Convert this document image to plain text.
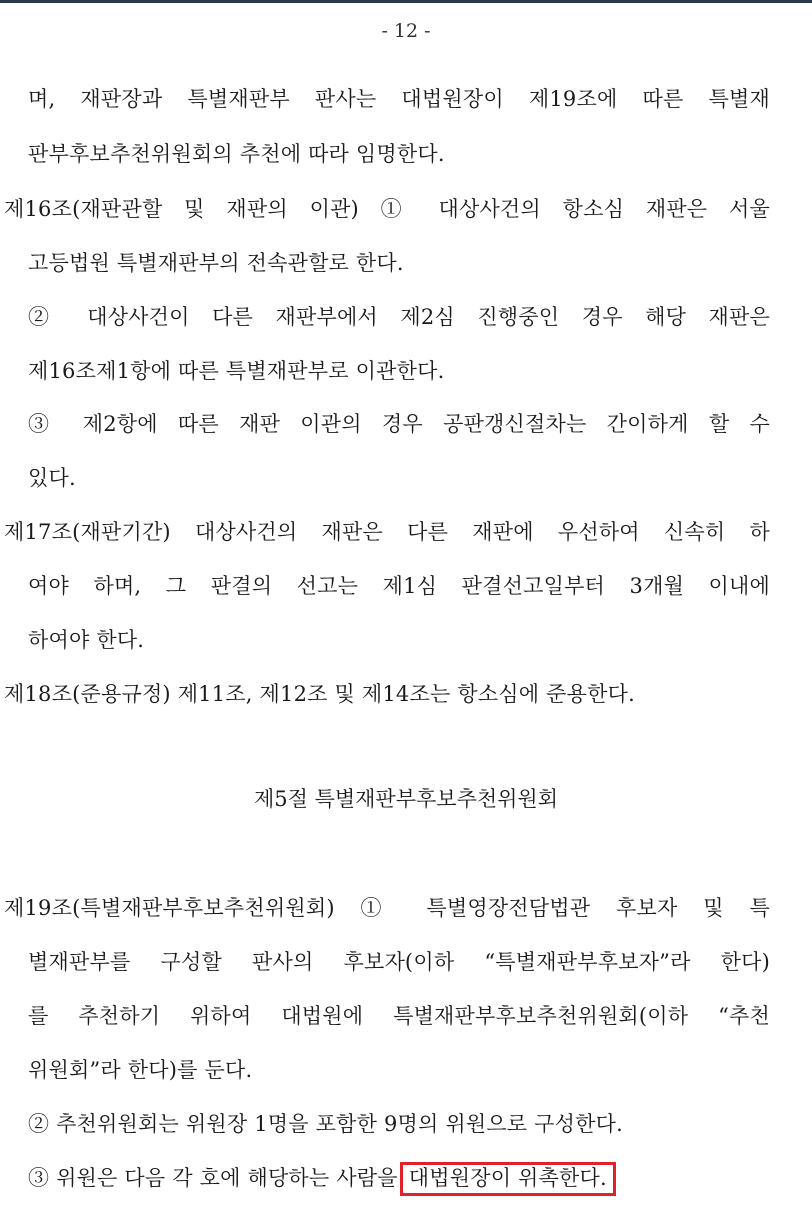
- 12 -
며, 재판장과 특별재판부 판사는 대법원장이 제19조에 따른 특별재
판부후보추천위원회의 추천에 따라 임명한다.
제16조(재판관할 및 재판의 이관) ① 대상사건의 항소심 재판은 서울
고등법원 특별재판부의 전속관할로 한다.
② 대상사건이 다른 재판부에서 제2심 진행중인 경우 해당 재판은
제16조제1항에 따른 특별재판부로 이관한다.
③ 제2항에 따른 재판 이관의 경우 공판갱신절차는 간이하게 할 수
있다.
제17조(재판기간) 대상사건의 재판은 다른 재판에 우선하여 신속히 하
여야 하며, 그 판결의 선고는 제1심 판결선고일부터 3개월 이내에
하여야 한다.
제18조(준용규정) 제11조, 제12조 및 제14조는 항소심에 준용한다.
제5절 특별재판부후보추천위원회
제19조(특별재판부후보추천위원회) ① 특별영장전담법관 후보자 및 특
별재판부를 구성할 판사의 후보자(이하 “특별재판부후보자”라 한다)
를 추천하기 위하여 대법원에 특별재판부후보추천위원회(이하 “추천
위원회”라 한다)를 둔다.
② 추천위원회는 위원장 1명을 포함한 9명의 위원으로 구성한다.
③ 위원은 다음 각 호에 해당하는 사람을 대법원장이 위촉한다.
